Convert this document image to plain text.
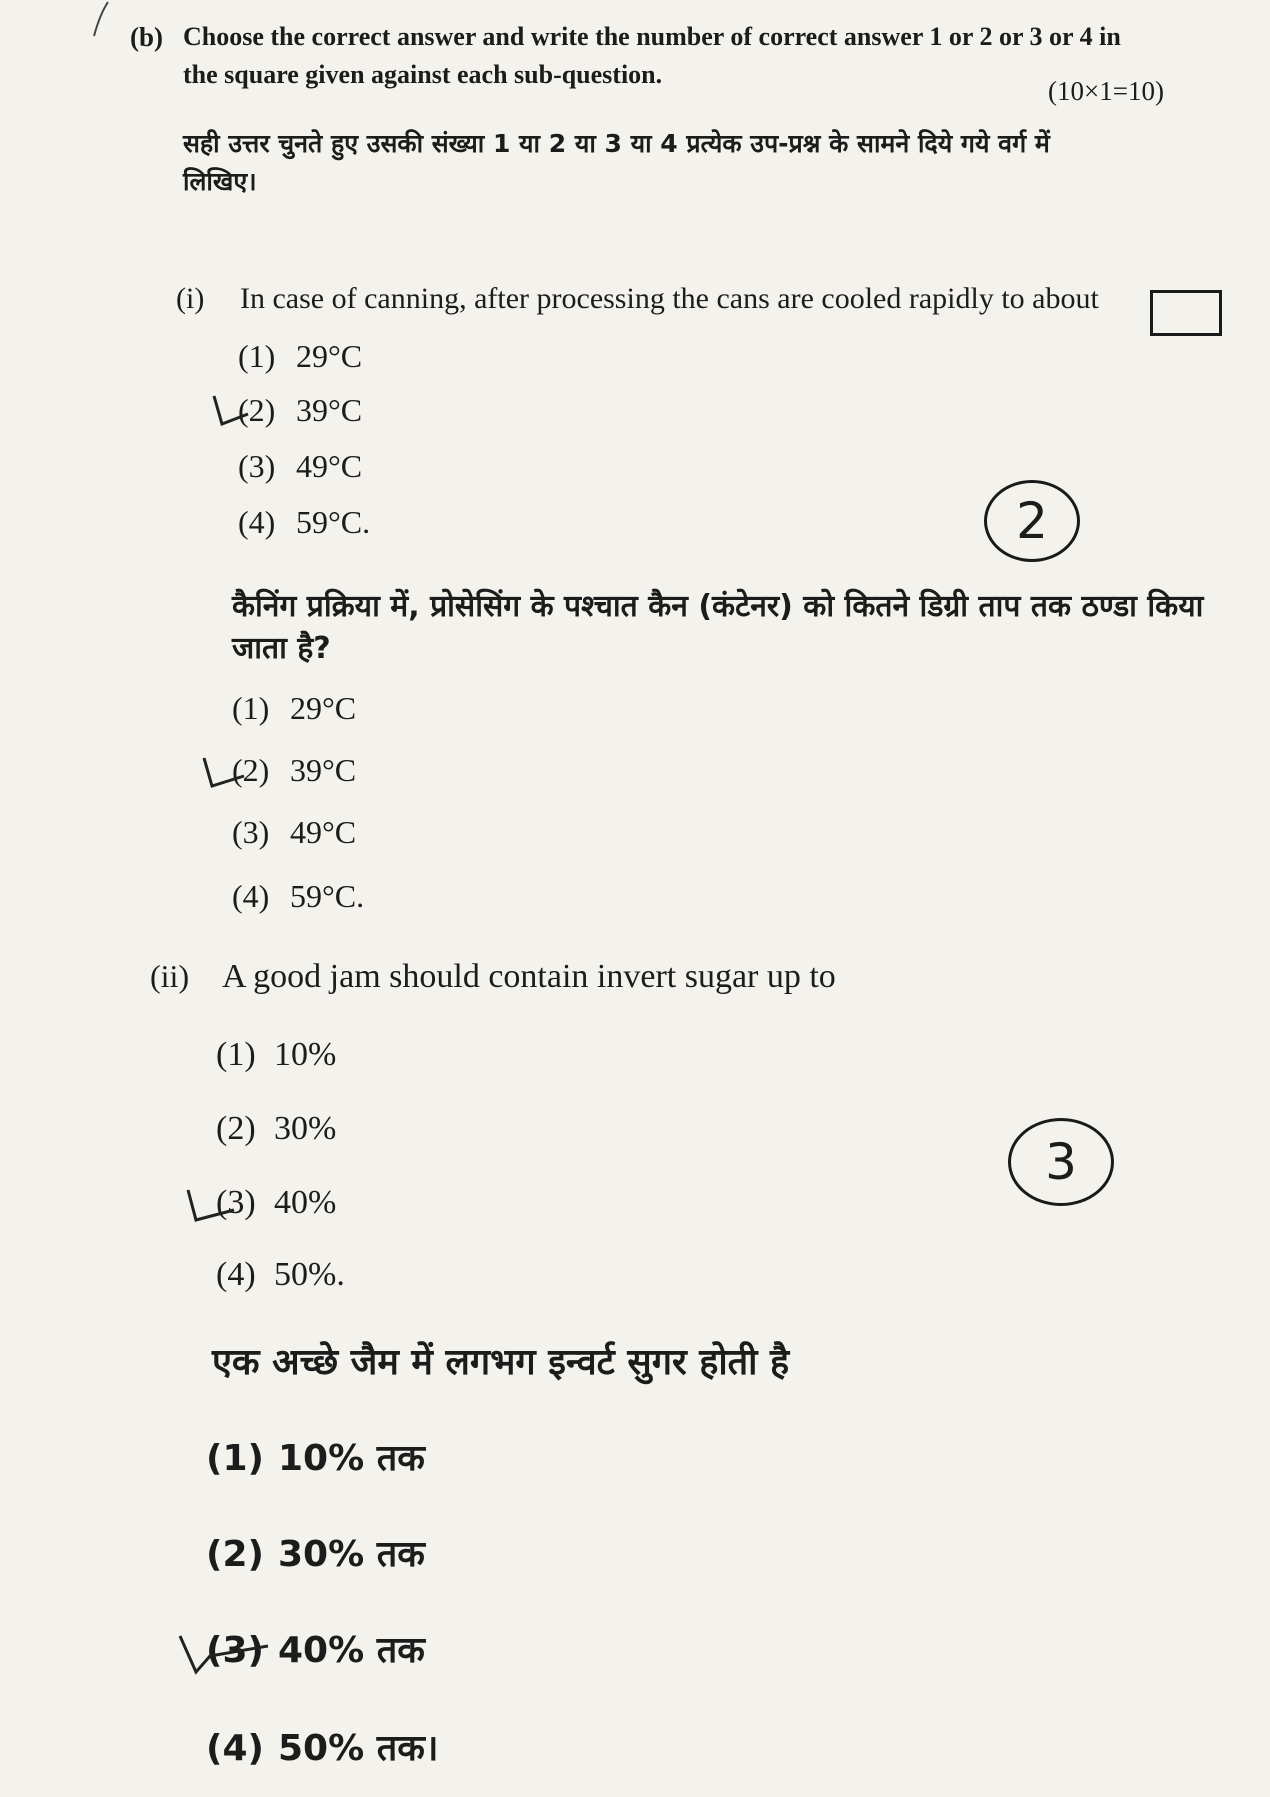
(b) Choose the correct answer and write the number of correct answer 1 or 2 or 3 or 4 in
the square given against each sub-question.
(10×1=10)
सही उत्तर चुनते हुए उसकी संख्या 1 या 2 या 3 या 4 प्रत्येक उप-प्रश्न के सामने दिये गये वर्ग में
लिखिए।
(i) In case of canning, after processing the cans are cooled rapidly to about
(1) 29°C
(2) 39°C
(3) 49°C
(4) 59°C.	2
कैनिंग प्रक्रिया में, प्रोसेसिंग के पश्चात कैन (कंटेनर) को कितने डिग्री ताप तक ठण्डा किया
जाता है?
(1) 29°C
(2) 39°C
(3) 49°C
(4) 59°C.
(ii) A good jam should contain invert sugar up to
(1) 10%
(2) 30%
(3) 40%
(4) 50%.
3
एक अच्छे जैम में लगभग इन्वर्ट सुगर होती है
(1) 10% तक
(2) 30% तक
(3) 40% तक
(4) 50% तक।
